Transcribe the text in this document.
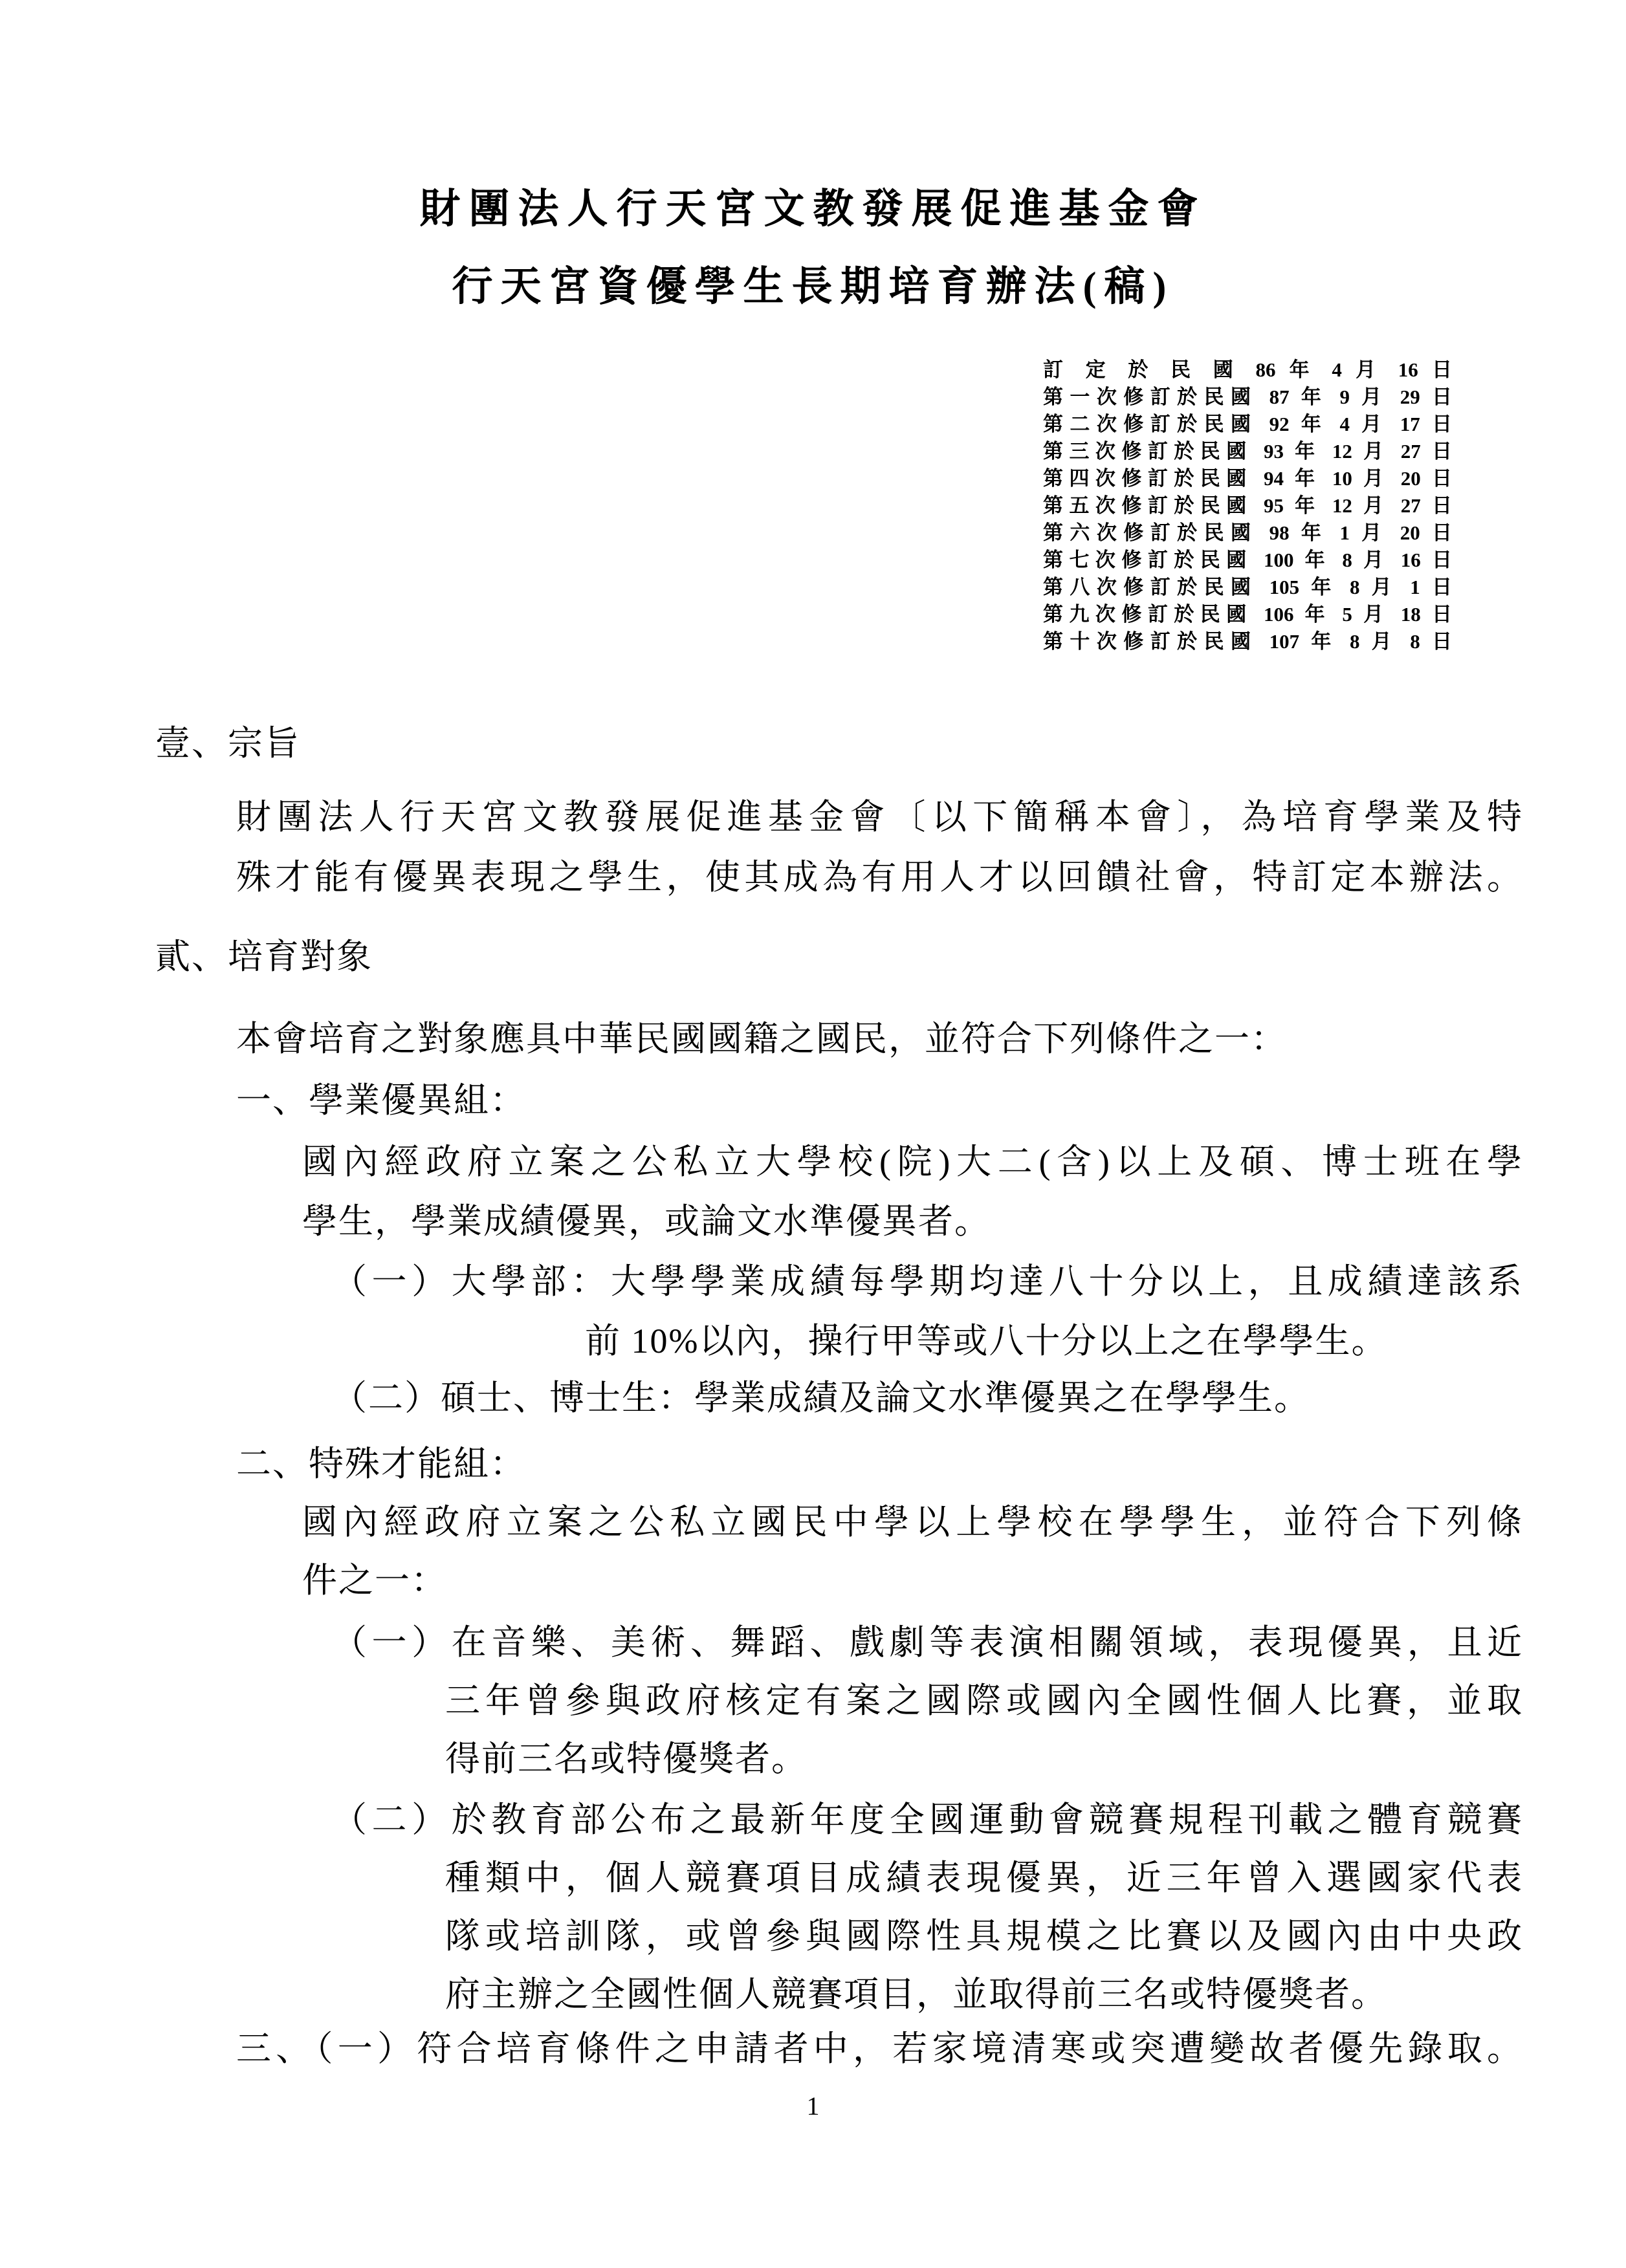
財團法人行天宮文教發展促進基金會
行天宮資優學生長期培育辦法(稿)
訂 定 於 民 國 86 年 4 月 16 日
第一次修訂於民國 87 年 9 月 29 日
第二次修訂於民國 92 年 4 月 17 日
第三次修訂於民國 93 年 12 月 27 日
第四次修訂於民國 94 年 10 月 20 日
第五次修訂於民國 95 年 12 月 27 日
第六次修訂於民國 98 年 1 月 20 日
第七次修訂於民國 100 年 8 月 16 日
第八次修訂於民國 105 年 8 月 1 日
第九次修訂於民國 106 年 5 月 18 日
第十次修訂於民國 107 年 8 月 8 日
壹、宗旨
財團法人行天宮文教發展促進基金會〔以下簡稱本會〕，為培育學業及特
殊才能有優異表現之學生，使其成為有用人才以回饋社會，特訂定本辦法。
貳、培育對象
本會培育之對象應具中華民國國籍之國民，並符合下列條件之一：
一、學業優異組：
國內經政府立案之公私立大學校(院)大二(含)以上及碩、博士班在學
學生，學業成績優異，或論文水準優異者。
（一）大學部：大學學業成績每學期均達八十分以上，且成績達該系
前 10%以內，操行甲等或八十分以上之在學學生。
（二）碩士、博士生：學業成績及論文水準優異之在學學生。
二、特殊才能組：
國內經政府立案之公私立國民中學以上學校在學學生，並符合下列條
件之一：
（一）在音樂、美術、舞蹈、戲劇等表演相關領域，表現優異，且近
三年曾參與政府核定有案之國際或國內全國性個人比賽，並取
得前三名或特優獎者。
（二）於教育部公布之最新年度全國運動會競賽規程刊載之體育競賽
種類中，個人競賽項目成績表現優異，近三年曾入選國家代表
隊或培訓隊，或曾參與國際性具規模之比賽以及國內由中央政
府主辦之全國性個人競賽項目，並取得前三名或特優獎者。
三、（一）符合培育條件之申請者中，若家境清寒或突遭變故者優先錄取。
1
